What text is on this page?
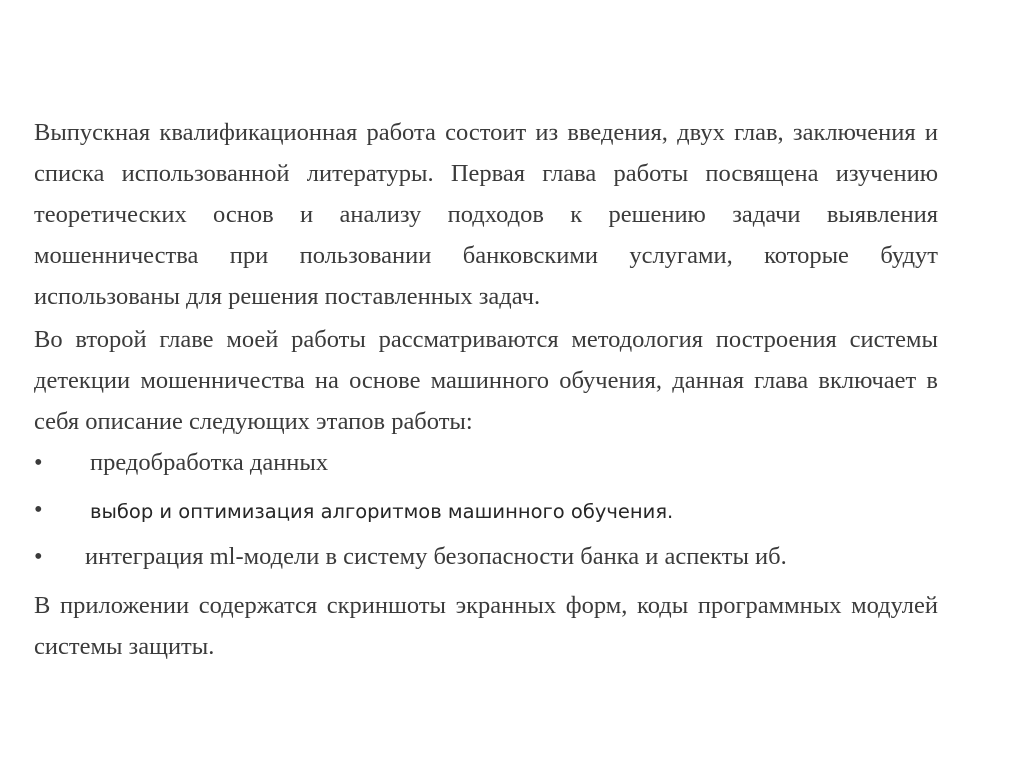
Выпускная квалификационная работа состоит из введения, двух глав, заключения и списка использованной литературы. Первая глава работы посвящена изучению теоретических основ и анализу подходов к решению задачи выявления мошенничества при пользовании банковскими услугами, которые будут использованы для решения поставленных задач.

Во второй главе моей работы рассматриваются методология построения системы детекции мошенничества на основе машинного обучения, данная глава включает в себя описание следующих этапов работы:

•	предобработка данных
•	выбор и оптимизация алгоритмов машинного обучения.
•	интеграция ml-модели в систему безопасности банка и аспекты иб.

В приложении содержатся скриншоты экранных форм, коды программных модулей системы защиты.
